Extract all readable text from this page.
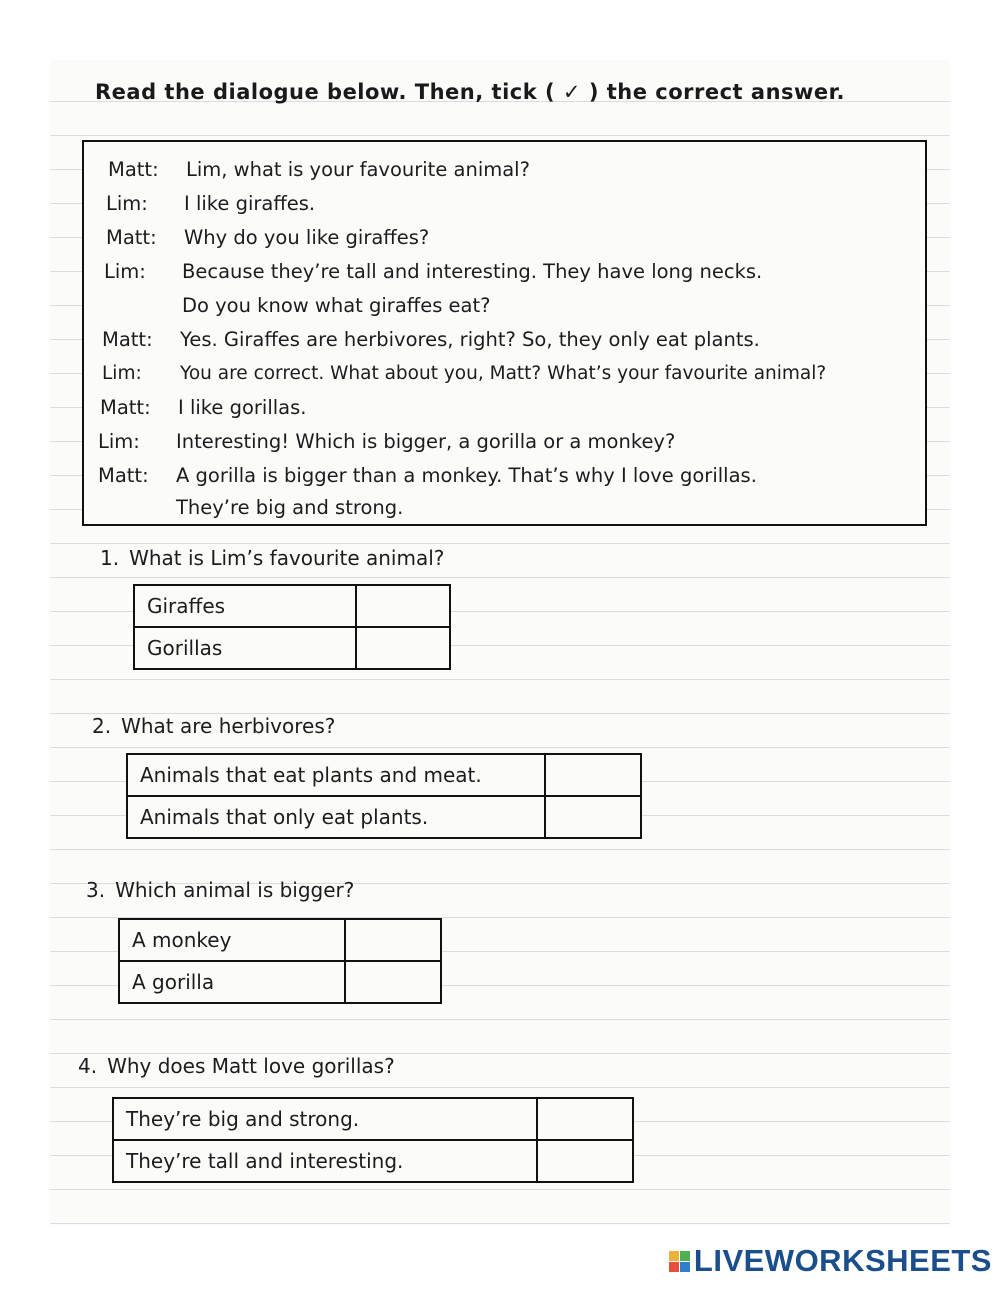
Read the dialogue below. Then, tick ( ✓ ) the correct answer.
Matt: Lim, what is your favourite animal?
Lim: I like giraffes.
Matt: Why do you like giraffes?
Lim: Because they’re tall and interesting. They have long necks.
Do you know what giraffes eat?
Matt: Yes. Giraffes are herbivores, right? So, they only eat plants.
Lim: You are correct. What about you, Matt? What’s your favourite animal?
Matt: I like gorillas.
Lim: Interesting! Which is bigger, a gorilla or a monkey?
Matt: A gorilla is bigger than a monkey. That’s why I love gorillas.
They’re big and strong.
1. What is Lim’s favourite animal?
Giraffes	
Gorillas	
2. What are herbivores?
Animals that eat plants and meat.	
Animals that only eat plants.	
3. Which animal is bigger?
A monkey	
A gorilla	
4. Why does Matt love gorillas?
They’re big and strong.	
They’re tall and interesting.	
LIVEWORKSHEETS
